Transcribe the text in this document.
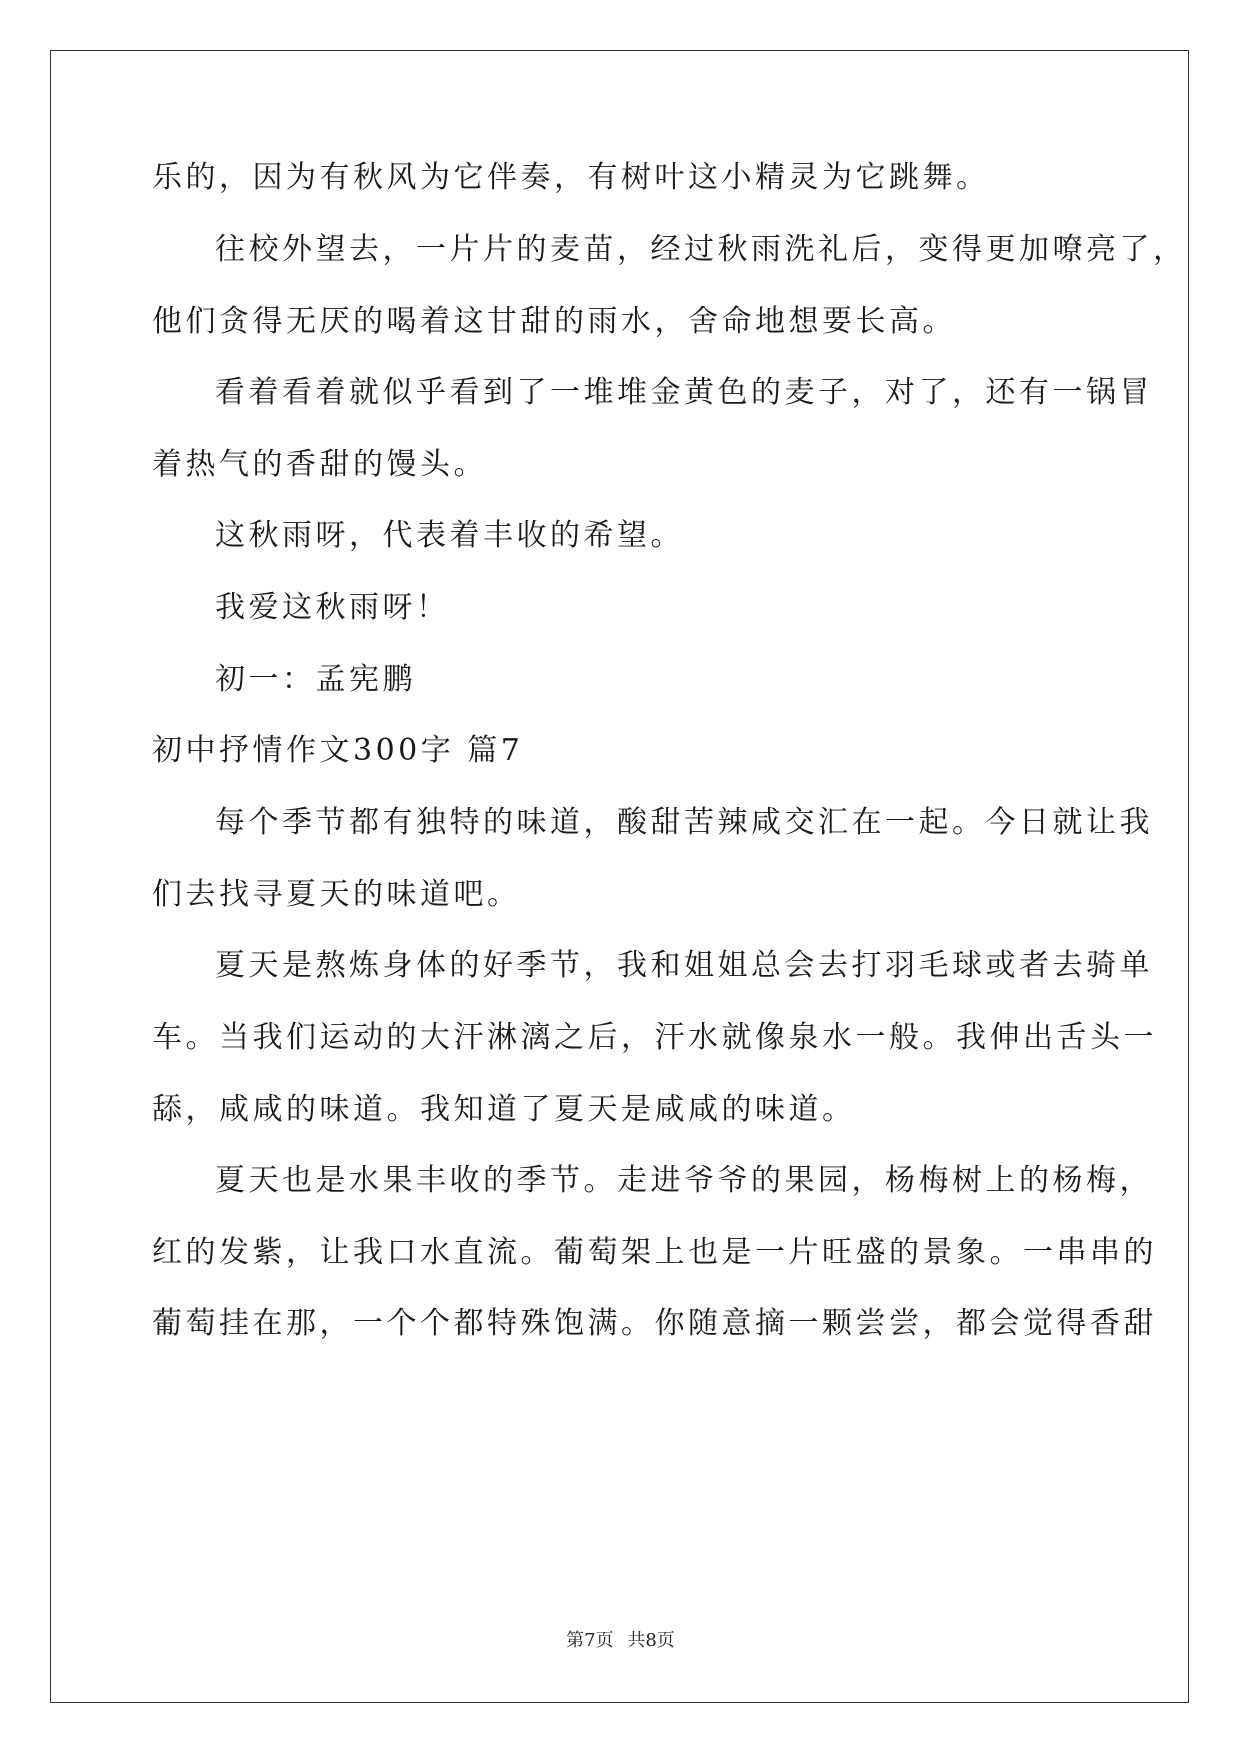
乐的，因为有秋风为它伴奏，有树叶这小精灵为它跳舞。
往校外望去，一片片的麦苗，经过秋雨洗礼后，变得更加嘹亮了，
他们贪得无厌的喝着这甘甜的雨水，舍命地想要长高。
看着看着就似乎看到了一堆堆金黄色的麦子，对了，还有一锅冒
着热气的香甜的馒头。
这秋雨呀，代表着丰收的希望。
我爱这秋雨呀！
初一：孟宪鹏
初中抒情作文300字 篇7
每个季节都有独特的味道，酸甜苦辣咸交汇在一起。今日就让我
们去找寻夏天的味道吧。
夏天是熬炼身体的好季节，我和姐姐总会去打羽毛球或者去骑单
车。当我们运动的大汗淋漓之后，汗水就像泉水一般。我伸出舌头一
舔，咸咸的味道。我知道了夏天是咸咸的味道。
夏天也是水果丰收的季节。走进爷爷的果园，杨梅树上的杨梅，
红的发紫，让我口水直流。葡萄架上也是一片旺盛的景象。一串串的
葡萄挂在那，一个个都特殊饱满。你随意摘一颗尝尝，都会觉得香甜
第7页 共8页
